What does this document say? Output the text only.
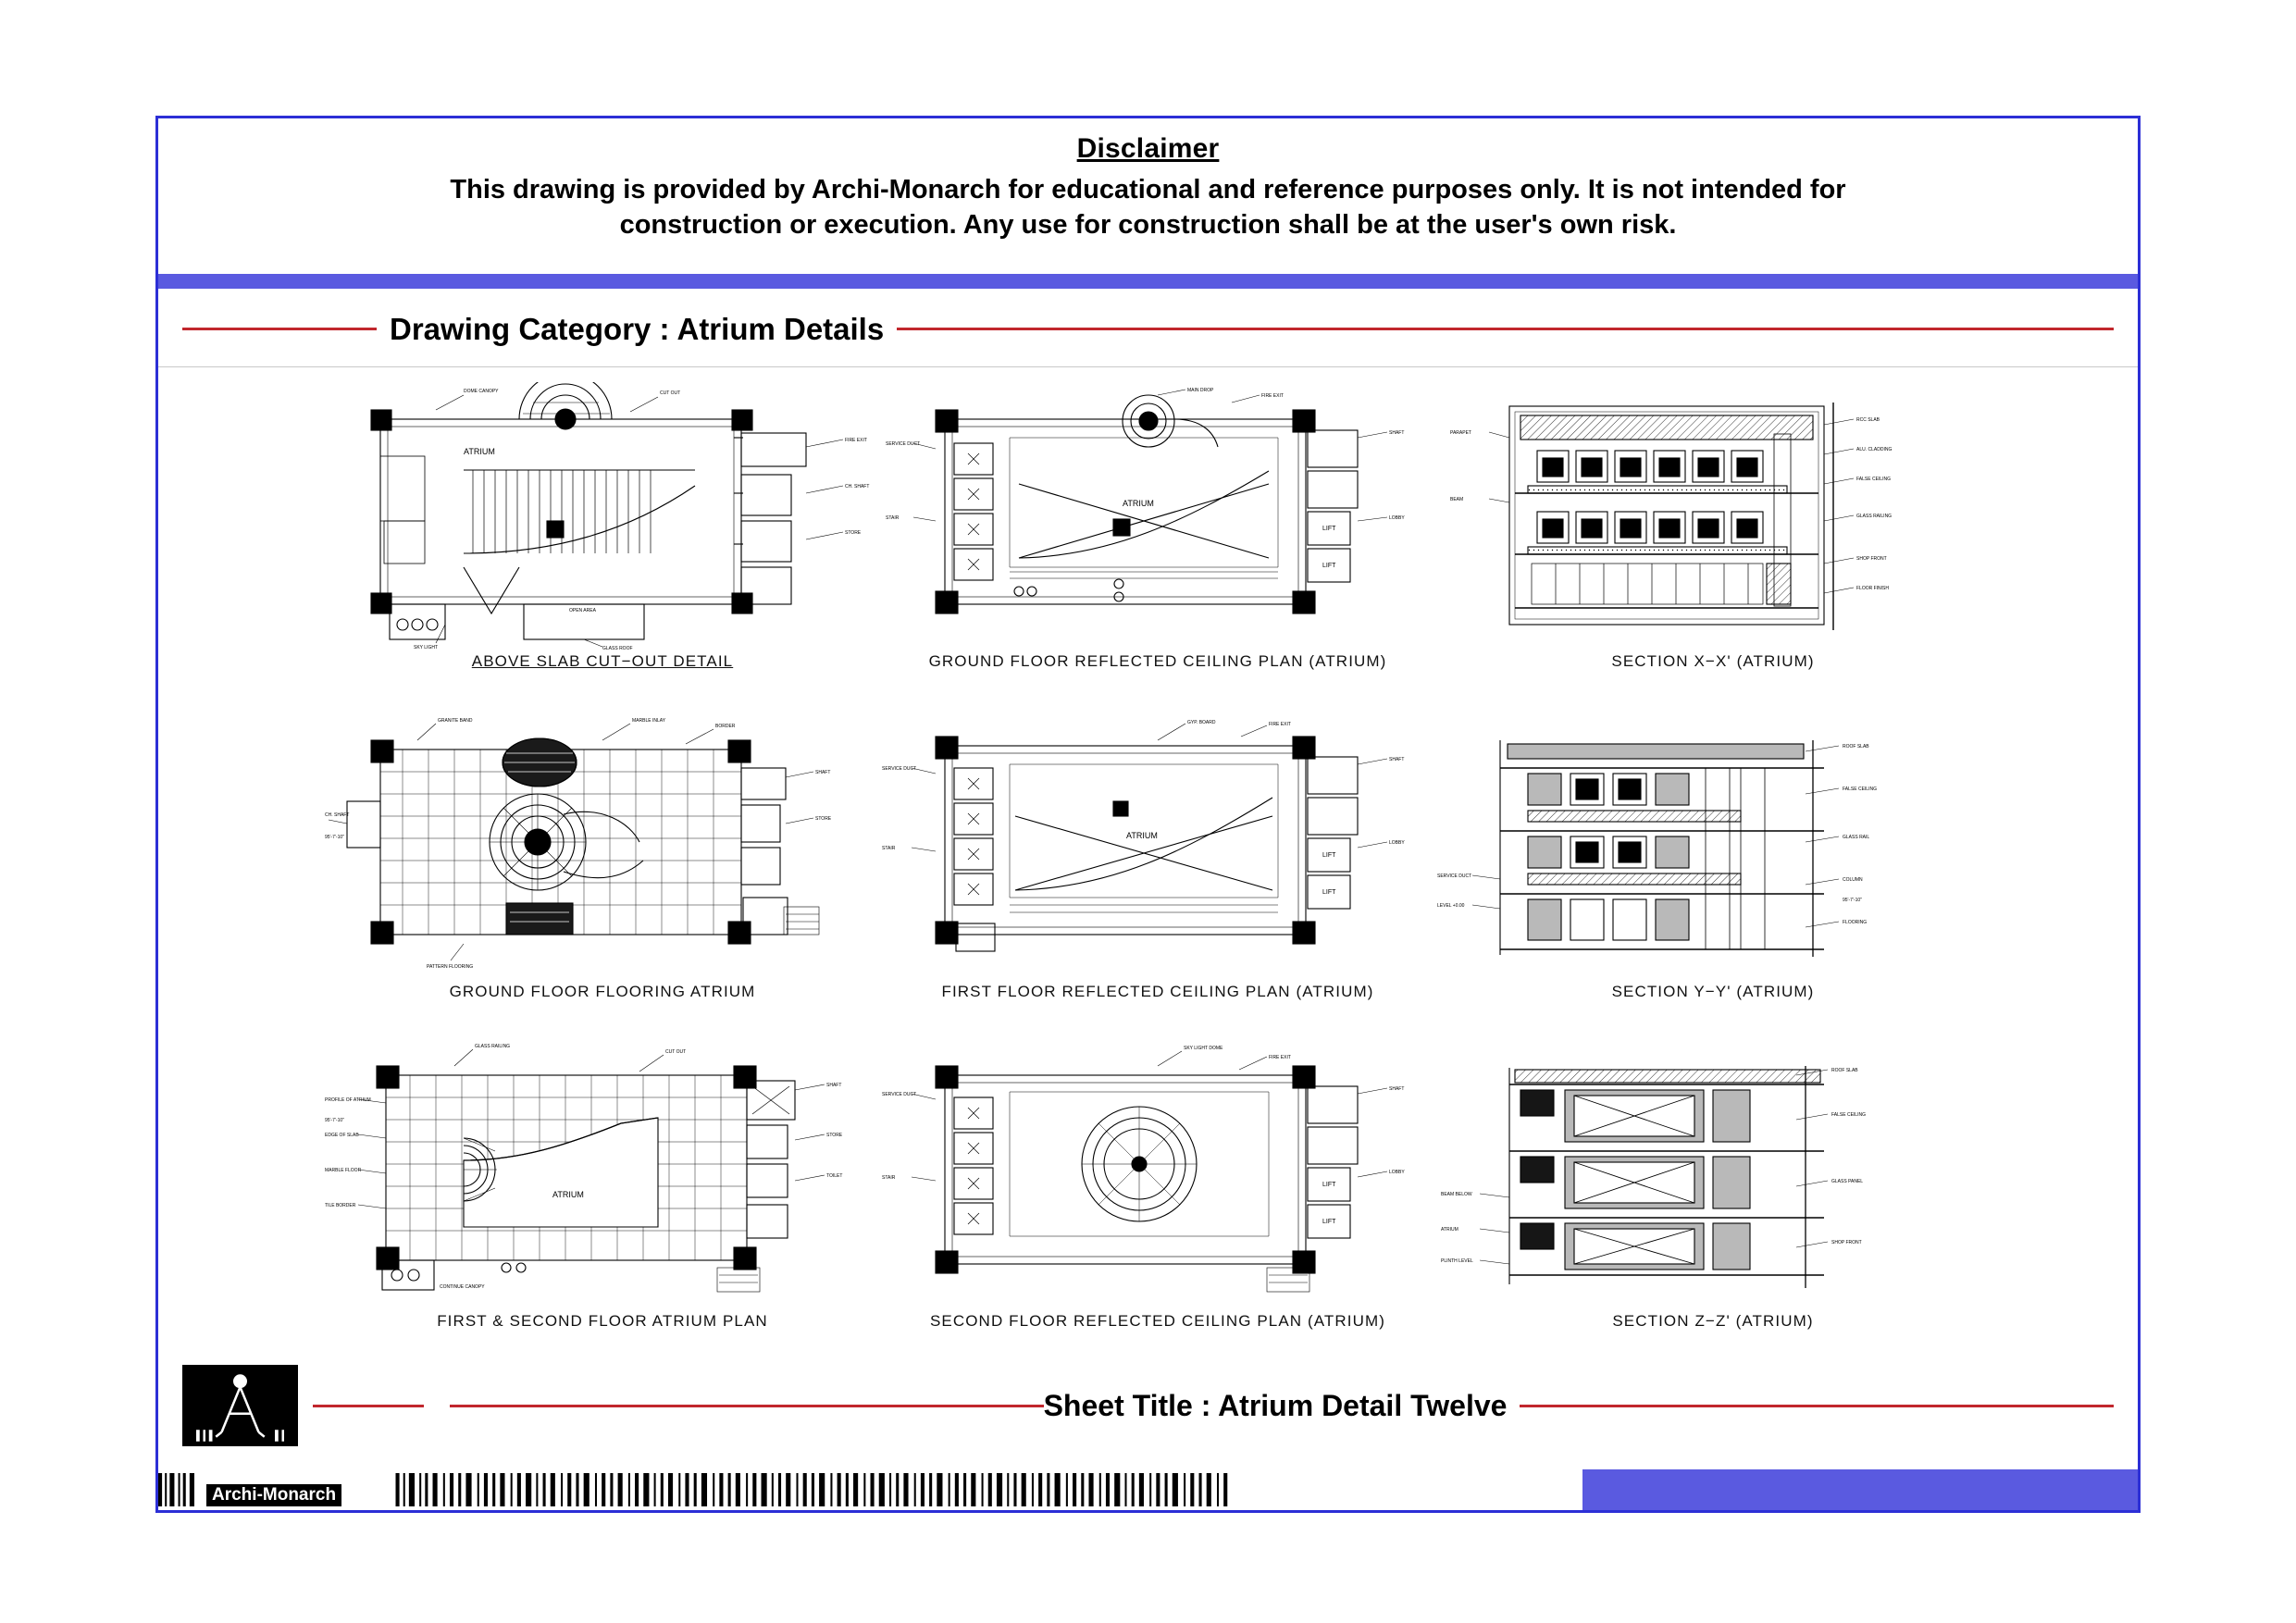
Disclaimer
This drawing is provided by Archi-Monarch for educational and reference purposes only. It is not intended for
construction or execution. Any use for construction shall be at the user's own risk.
Drawing Category : Atrium Details
ATRIUM
DOME CANOPY	CUT OUT
FIRE EXIT
CH. SHAFT
STORE
SKY LIGHT	GLASS ROOF
OPEN AREA
ABOVE SLAB CUT−OUT DETAIL
ATRIUM
LIFT
LIFT
MAIN DROP
FIRE EXIT
SERVICE DUCT
STAIR
SHAFT
LOBBY
GROUND FLOOR REFLECTED CEILING PLAN (ATRIUM)
RCC SLAB
ALU. CLADDING
FALSE CEILING
GLASS RAILING
SHOP FRONT
FLOOR FINISH
PARAPET
BEAM
SECTION X−X' (ATRIUM)
GRANITE BAND	MARBLE INLAY
BORDER
CH. SHAFT
SHAFT
STORE
PATTERN FLOORING
95'-7'-10"
GROUND FLOOR FLOORING ATRIUM
ATRIUM
LIFT
LIFT
GYP. BOARD	FIRE EXIT
SERVICE DUCT
STAIR
SHAFT
LOBBY
FIRST FLOOR REFLECTED CEILING PLAN (ATRIUM)
ROOF SLAB
FALSE CEILING
GLASS RAIL
COLUMN
FLOORING
SERVICE DUCT
LEVEL +0.00
95'-7'-10"
SECTION Y−Y' (ATRIUM)
ATRIUM
GLASS RAILING
CUT OUT
SHAFT
STORE
TOILET
PROFILE OF ATRIUM
EDGE OF SLAB
MARBLE FLOOR
TILE BORDER
95'-7'-10"
CONTINUE CANOPY
FIRST & SECOND FLOOR ATRIUM PLAN
LIFT
LIFT
SKY LIGHT DOME
FIRE EXIT
SERVICE DUCT
STAIR
SHAFT
LOBBY
SECOND FLOOR REFLECTED CEILING PLAN (ATRIUM)
ROOF SLAB
FALSE CEILING
GLASS PANEL
SHOP FRONT
BEAM BELOW
ATRIUM
PLINTH LEVEL
SECTION Z−Z' (ATRIUM)
Sheet Title : Atrium Detail Twelve
Archi-Monarch
